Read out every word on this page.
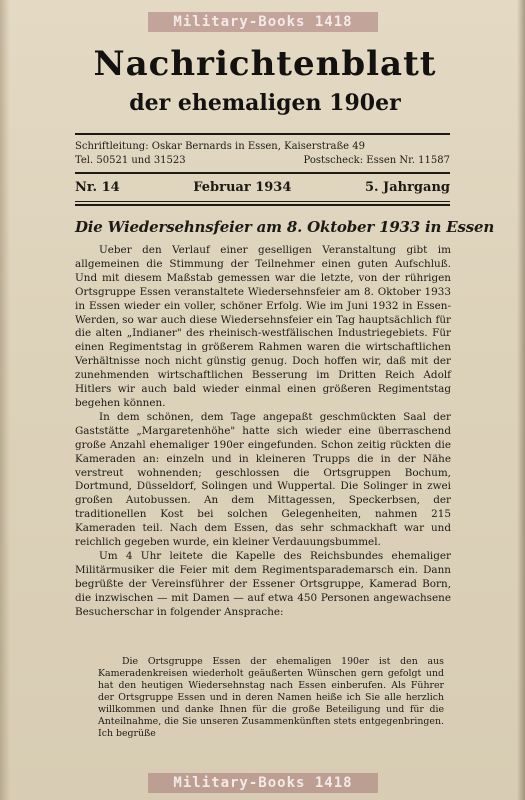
Military-Books 1418
Nachrichtenblatt
der ehemaligen 190er
Schriftleitung: Oskar Bernards in Essen, Kaiserstraße 49
Tel. 50521 und 31523	Postscheck: Essen Nr. 11587
Nr. 14	Februar 1934	5. Jahrgang
Die Wiedersehnsfeier am 8. Oktober 1933 in Essen

Ueber den Verlauf einer geselligen Veranstaltung gibt im allgemeinen die Stimmung der Teilnehmer einen guten Aufschluß. Und mit diesem Maßstab gemessen war die letzte, von der rührigen Ortsgruppe Essen veranstaltete Wiedersehnsfeier am 8. Oktober 1933 in Essen wieder ein voller, schöner Erfolg. Wie im Juni 1932 in Essen-Werden, so war auch diese Wiedersehnsfeier ein Tag hauptsächlich für die alten „Indianer" des rheinisch-westfälischen Industriegebiets. Für einen Regimentstag in größerem Rahmen waren die wirtschaftlichen Verhältnisse noch nicht günstig genug. Doch hoffen wir, daß mit der zunehmenden wirtschaftlichen Besserung im Dritten Reich Adolf Hitlers wir auch bald wieder einmal einen größeren Regimentstag begehen können.

In dem schönen, dem Tage angepaßt geschmückten Saal der Gaststätte „Margaretenhöhe" hatte sich wieder eine überraschend große Anzahl ehemaliger 190er eingefunden. Schon zeitig rückten die Kameraden an: einzeln und in kleineren Trupps die in der Nähe verstreut wohnenden; geschlossen die Ortsgruppen Bochum, Dortmund, Düsseldorf, Solingen und Wuppertal. Die Solinger in zwei großen Autobussen. An dem Mittagessen, Speckerbsen, der traditionellen Kost bei solchen Gelegenheiten, nahmen 215 Kameraden teil. Nach dem Essen, das sehr schmackhaft war und reichlich gegeben wurde, ein kleiner Verdauungsbummel.

Um 4 Uhr leitete die Kapelle des Reichsbundes ehemaliger Militärmusiker die Feier mit dem Regimentsparademarsch ein. Dann begrüßte der Vereinsführer der Essener Ortsgruppe, Kamerad Born, die inzwischen — mit Damen — auf etwa 450 Personen angewachsene Besucherschar in folgender Ansprache:

Die Ortsgruppe Essen der ehemaligen 190er ist den aus Kameradenkreisen wiederholt geäußerten Wünschen gern gefolgt und hat den heutigen Wiedersehnstag nach Essen einberufen. Als Führer der Ortsgruppe Essen und in deren Namen heiße ich Sie alle herzlich willkommen und danke Ihnen für die große Beteiligung und für die Anteilnahme, die Sie unseren Zusammenkünften stets entgegenbringen. Ich begrüße

Military-Books 1418
